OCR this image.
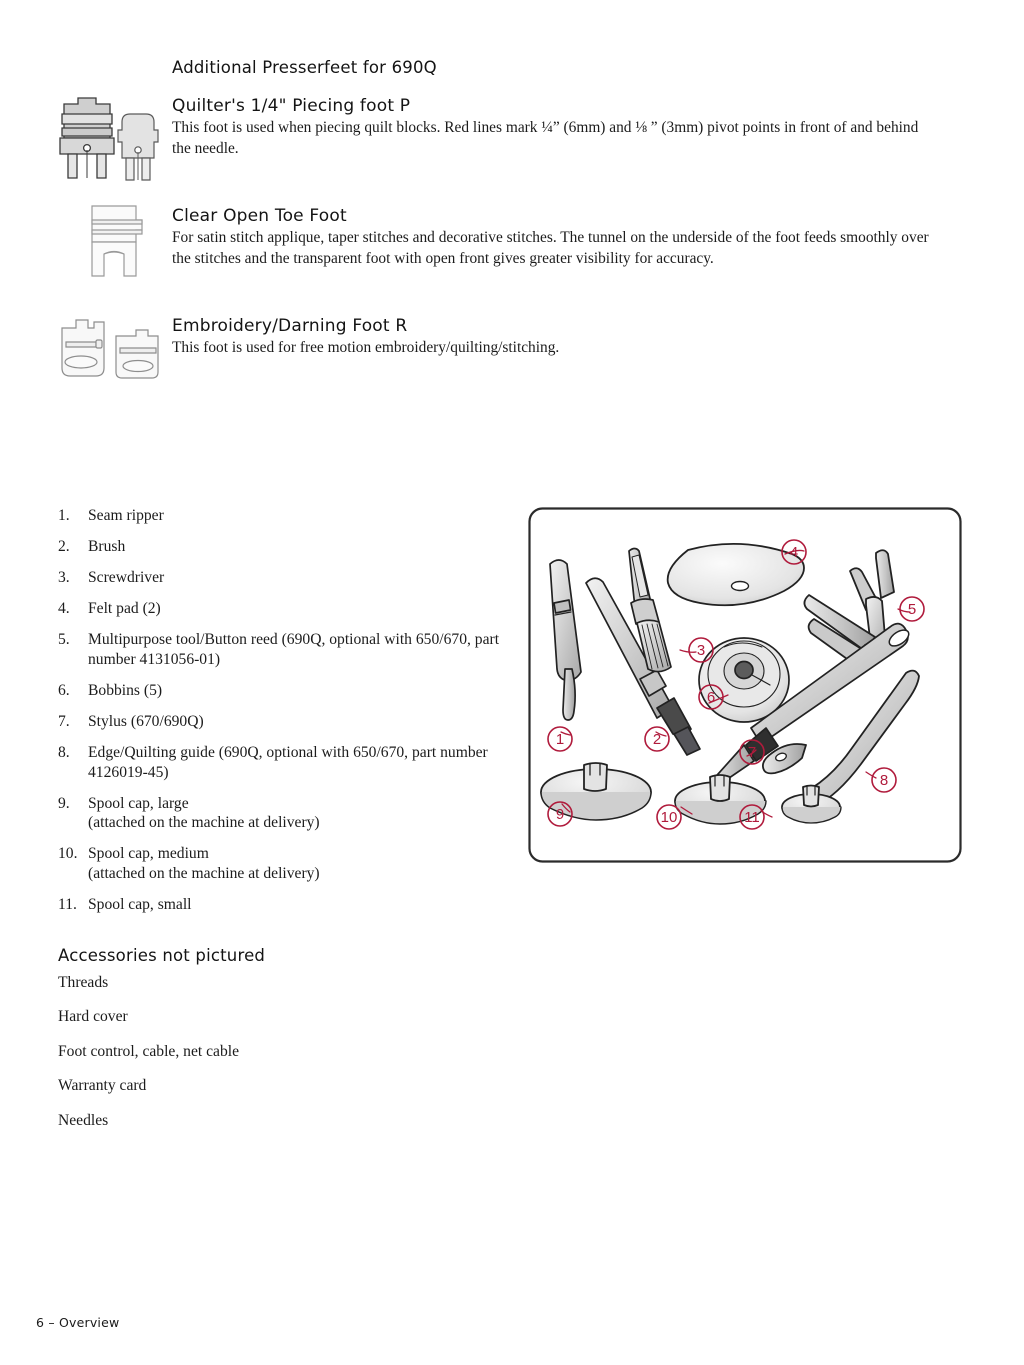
Additional Presserfeet for 690Q
Quilter's 1/4" Piecing foot P
This foot is used when piecing quilt blocks. Red lines mark ¼” (6mm) and ⅛ ” (3mm) pivot points in front of and behind the needle.
Clear Open Toe Foot
For satin stitch applique, taper stitches and decorative stitches. The tunnel on the underside of the foot feeds smoothly over the stitches and the transparent foot with open front gives greater visibility for accuracy.
Embroidery/Darning Foot R
This foot is used for free motion embroidery/quilting/stitching.
1.	Seam ripper
2.	Brush
3.	Screwdriver
4.	Felt pad (2)
5.	Multipurpose tool/Button reed (690Q, optional with 650/670, part number 4131056-01)
6.	Bobbins (5)
7.	Stylus (670/690Q)
8.	Edge/Quilting guide (690Q, optional with 650/670, part number 4126019-45)
9.	Spool cap, large
(attached on the machine at delivery)
10. Spool cap, medium
(attached on the machine at delivery)
11. Spool cap, small
Accessories not pictured
Threads
Hard cover
Foot control, cable, net cable
Warranty card
Needles
4
5
3
6
1	2
7
8
9	10	11
6 – Overview
